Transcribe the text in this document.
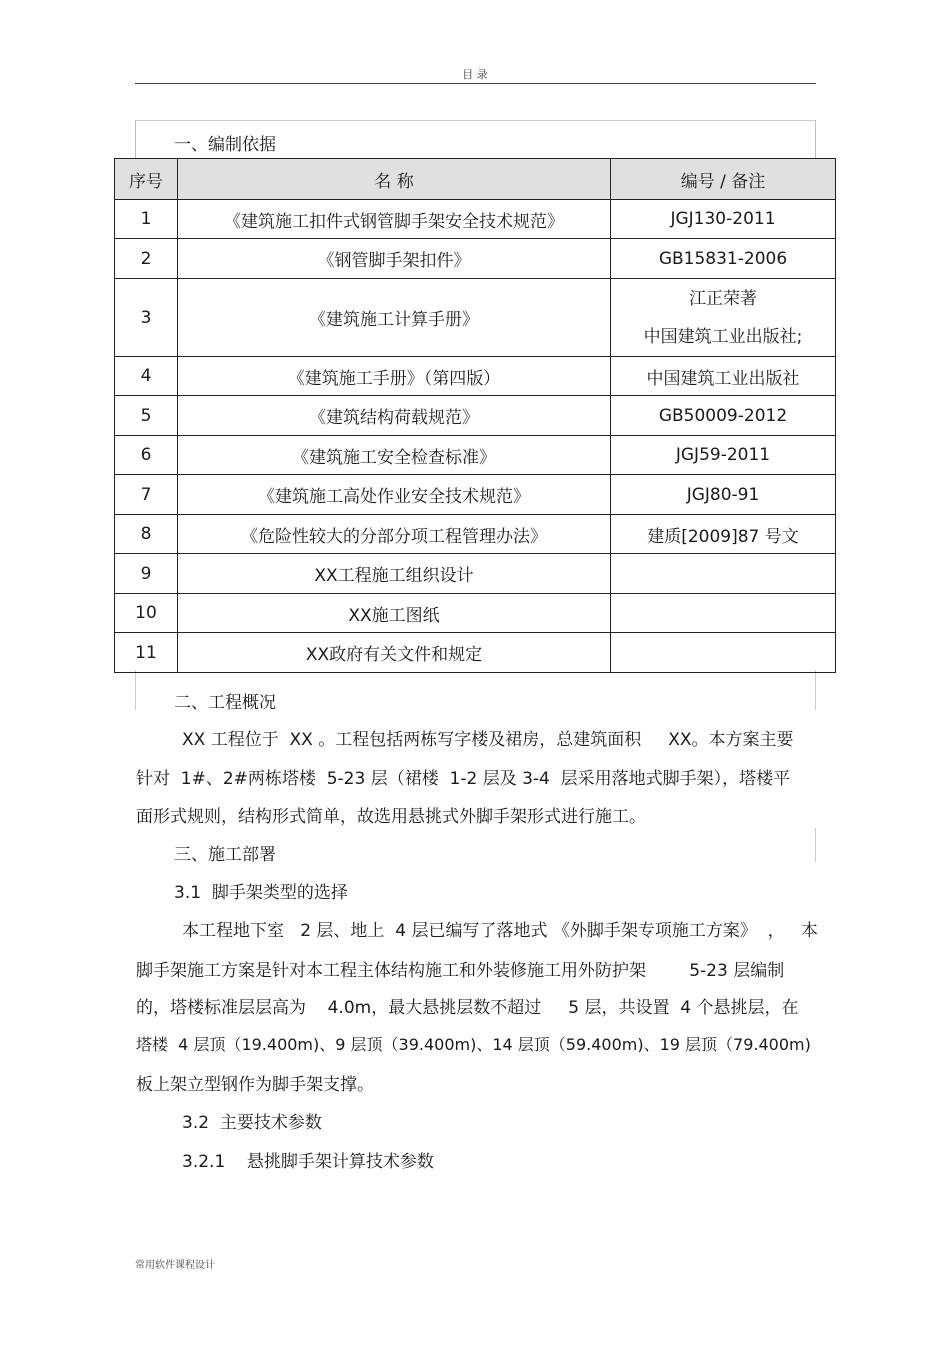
目 录
一、编制依据
序号	名 称	编号 / 备注
1	《建筑施工扣件式钢管脚手架安全技术规范》	JGJ130-2011
2	《钢管脚手架扣件》	GB15831-2006
3	《建筑施工计算手册》	江正荣著
中国建筑工业出版社;

4	《建筑施工手册》（第四版）	中国建筑工业出版社
5	《建筑结构荷载规范》	GB50009-2012
6	《建筑施工安全检查标准》	JGJ59-2011
7	《建筑施工高处作业安全技术规范》	JGJ80-91
8	《危险性较大的分部分项工程管理办法》	建质[2009]87 号文
9	XX工程施工组织设计	
10	XX施工图纸	
11	XX政府有关文件和规定	
二、工程概况
XX 工程位于  XX 。工程包括两栋写字楼及裙房，总建筑面积     XX。本方案主要
针对  1#、2#两栋塔楼  5-23 层（裙楼  1-2 层及 3-4  层采用落地式脚手架），塔楼平
面形式规则，结构形式简单，故选用悬挑式外脚手架形式进行施工。
三、施工部署
3.1  脚手架类型的选择
本工程地下室   2 层、地上  4 层已编写了落地式 《外脚手架专项施工方案》  ，   本
脚手架施工方案是针对本工程主体结构施工和外装修施工用外防护架        5-23 层编制
的，塔楼标准层层高为    4.0m，最大悬挑层数不超过     5 层，共设置  4 个悬挑层，在
塔楼  4 层顶（19.400m)、9 层顶（39.400m)、14 层顶（59.400m)、19 层顶（79.400m)
板上架立型钢作为脚手架支撑。
3.2  主要技术参数
3.2.1    悬挑脚手架计算技术参数
常用软件课程设计
